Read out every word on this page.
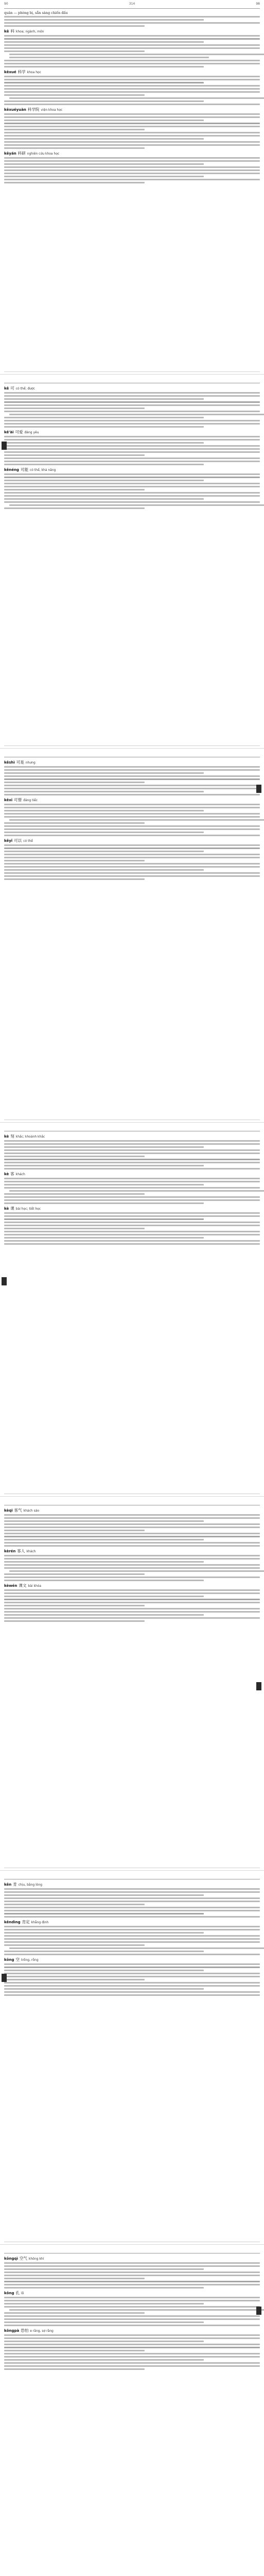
90	314	98
quân — phòng bị, sẵn sàng chiến đấu
kē 科 khoa; ngành, môn
kēxué 科学 khoa học
kēxuéyuàn 科学院 viện khoa học
kēyán 科研 nghiên cứu khoa học
kě 可 có thể; được
kě'ài 可爱 đáng yêu
kěnéng 可能 có thể, khả năng
kěshì 可是 nhưng
kěxī 可惜 đáng tiếc
kěyǐ 可以 có thể
kè 刻 khắc; khoảnh khắc
kè 客 khách
kè 课 bài học; tiết học
kèqi 客气 khách sáo
kèrén 客人 khách
kèwén 课文 bài khóa
kěn 肯 chịu, bằng lòng
kěndìng 肯定 khẳng định
kōng 空 trống, rỗng
kōngqì 空气 không khí
kǒng 孔 lỗ
kǒngpà 恐怕 e rằng, sợ rằng
